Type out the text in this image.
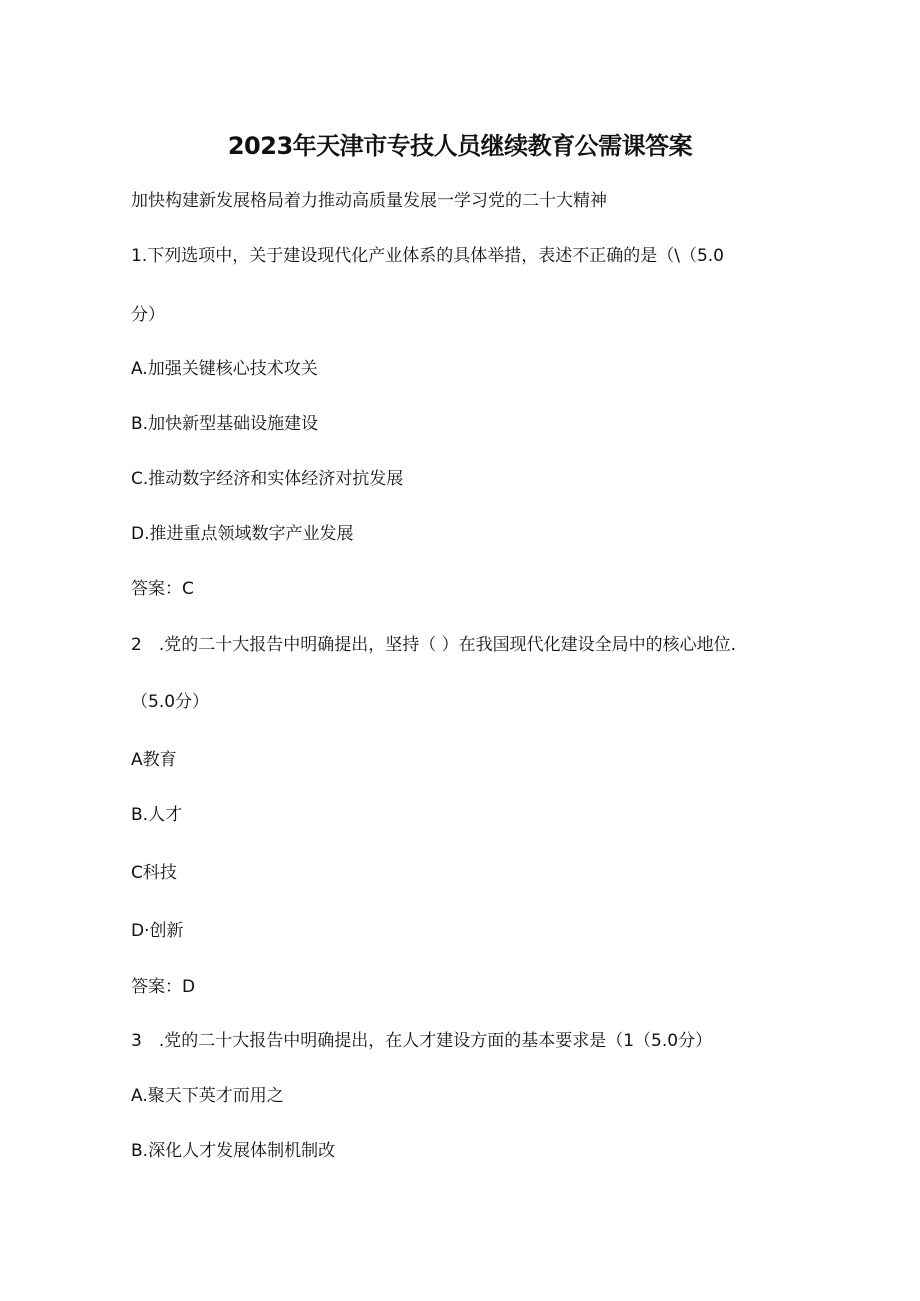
2023年天津市专技人员继续教育公需课答案
加快构建新发展格局着力推动高质量发展一学习党的二十大精神
1.下列选项中，关于建设现代化产业体系的具体举措，表述不正确的是（\（5.0
分）
A.加强关键核心技术攻关
B.加快新型基础设施建设
C.推动数字经济和实体经济对抗发展
D.推进重点领域数字产业发展
答案：C
2　.党的二十大报告中明确提出，坚持（ ）在我国现代化建设全局中的核心地位.
（5.0分）
A教育
B.人才
C科技
D·创新
答案：D
3　.党的二十大报告中明确提出，在人才建设方面的基本要求是（1（5.0分）
A.聚天下英才而用之
B.深化人才发展体制机制改
